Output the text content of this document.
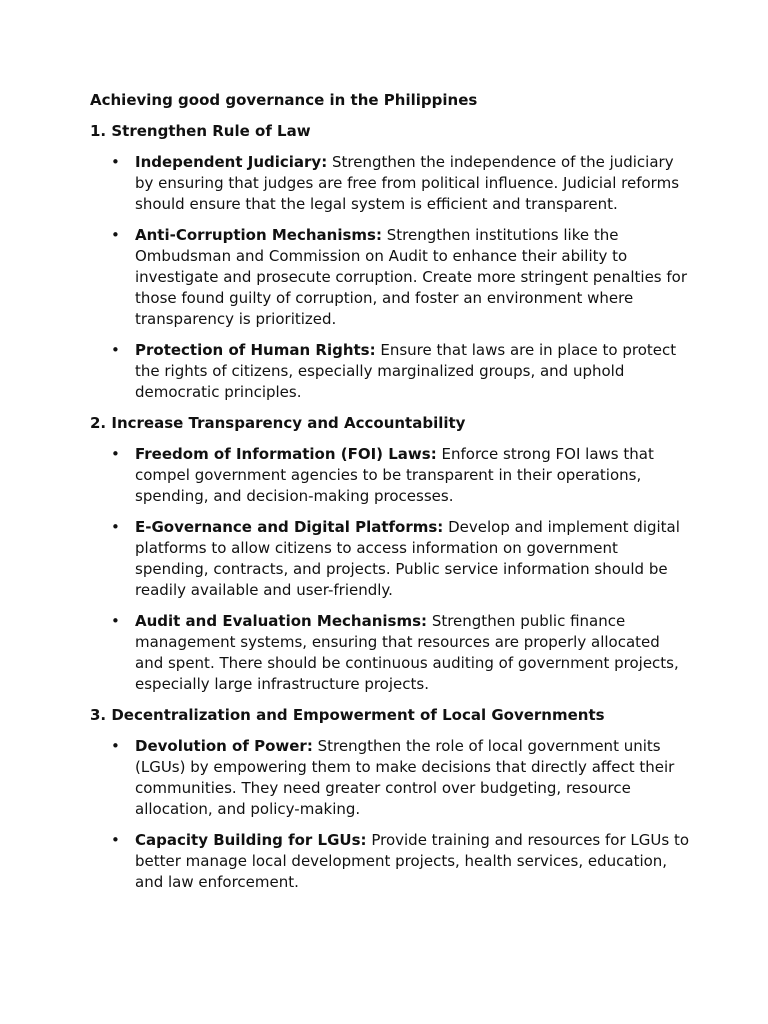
Achieving good governance in the Philippines
1. Strengthen Rule of Law
• Independent Judiciary: Strengthen the independence of the judiciary by ensuring that judges are free from political influence. Judicial reforms should ensure that the legal system is efficient and transparent.
• Anti-Corruption Mechanisms: Strengthen institutions like the Ombudsman and Commission on Audit to enhance their ability to investigate and prosecute corruption. Create more stringent penalties for those found guilty of corruption, and foster an environment where transparency is prioritized.
• Protection of Human Rights: Ensure that laws are in place to protect the rights of citizens, especially marginalized groups, and uphold democratic principles.
2. Increase Transparency and Accountability
• Freedom of Information (FOI) Laws: Enforce strong FOI laws that compel government agencies to be transparent in their operations, spending, and decision-making processes.
• E-Governance and Digital Platforms: Develop and implement digital platforms to allow citizens to access information on government spending, contracts, and projects. Public service information should be readily available and user-friendly.
• Audit and Evaluation Mechanisms: Strengthen public finance management systems, ensuring that resources are properly allocated and spent. There should be continuous auditing of government projects, especially large infrastructure projects.
3. Decentralization and Empowerment of Local Governments
• Devolution of Power: Strengthen the role of local government units (LGUs) by empowering them to make decisions that directly affect their communities. They need greater control over budgeting, resource allocation, and policy-making.
• Capacity Building for LGUs: Provide training and resources for LGUs to better manage local development projects, health services, education, and law enforcement.
